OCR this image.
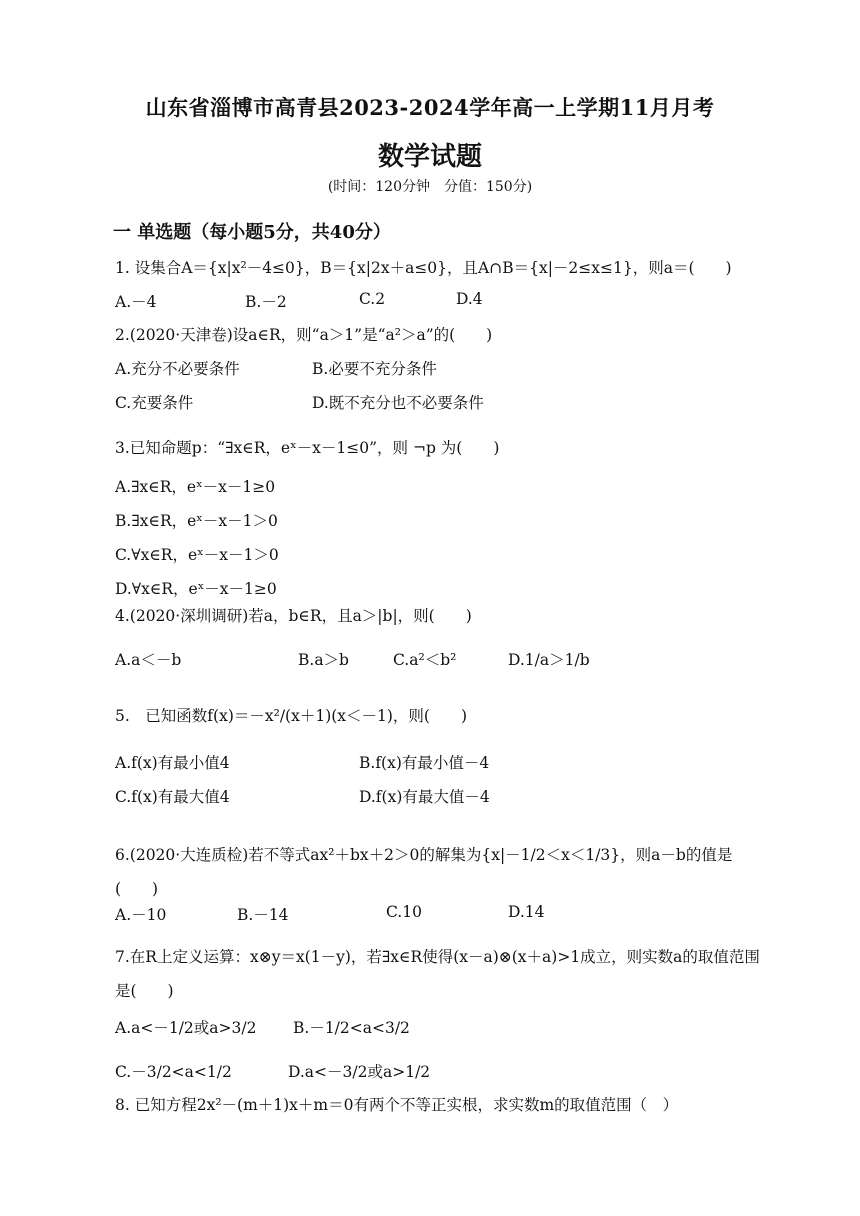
山东省淄博市高青县2023-2024学年高一上学期11月月考
数学试题
(时间：120分钟　分值：150分)
一 单选题（每小题5分，共40分）
1. 设集合A＝{x|x²－4≤0}，B＝{x|2x＋a≤0}，且A∩B＝{x|－2≤x≤1}，则a＝(　　)
A.－4	B.－2	C.2	D.4
2.(2020·天津卷)设a∈R，则“a＞1”是“a²＞a”的(　　)
A.充分不必要条件	B.必要不充分条件
C.充要条件	D.既不充分也不必要条件
3.已知命题p：“∃x∈R，eˣ－x－1≤0”，则 ¬p 为(　　)
A.∃x∈R，eˣ－x－1≥0
B.∃x∈R，eˣ－x－1＞0
C.∀x∈R，eˣ－x－1＞0
D.∀x∈R，eˣ－x－1≥0
4.(2020·深圳调研)若a，b∈R，且a＞|b|，则(　　)
A.a＜－b	B.a＞b	C.a²＜b²	D.1/a＞1/b
5.　已知函数f(x)＝－x²/(x＋1)(x＜－1)，则(　　)
A.f(x)有最小值4	B.f(x)有最小值－4
C.f(x)有最大值4	D.f(x)有最大值－4
6.(2020·大连质检)若不等式ax²＋bx＋2＞0的解集为{x|－1/2＜x＜1/3}，则a－b的值是(　　)
A.－10	B.－14	C.10	D.14
7.在R上定义运算：x⊗y＝x(1－y)，若∃x∈R使得(x－a)⊗(x＋a)>1成立，则实数a的取值范围是(　　)
A.a<－1/2或a>3/2 B.－1/2<a<3/2
C.－3/2<a<1/2	D.a<－3/2或a>1/2
8. 已知方程2x²－(m＋1)x＋m＝0有两个不等正实根，求实数m的取值范围（　）
